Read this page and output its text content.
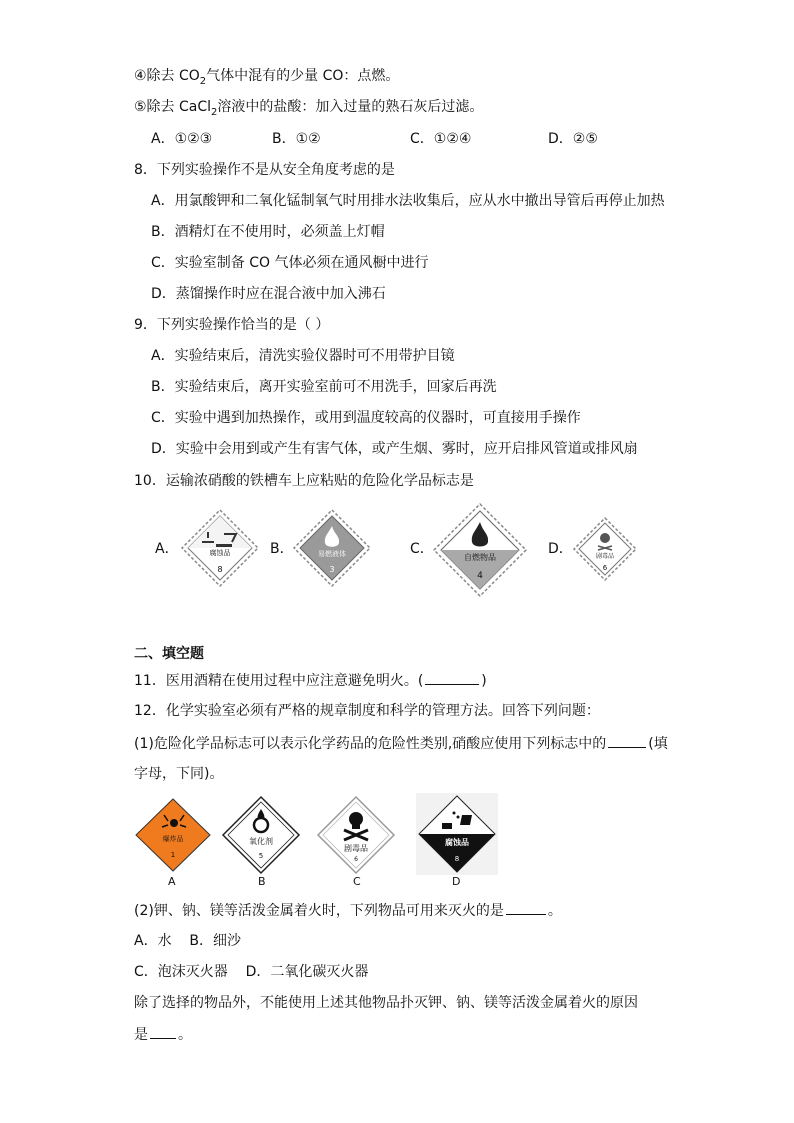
④除去 $CO_2$气体中混有的少量 CO：点燃。
⑤除去 CaCl$_2$溶液中的盐酸：加入过量的熟石灰后过滤。
A．①②③	B．①②	C．①②④	D．②⑤
8．下列实验操作不是从安全角度考虑的是
A．用氯酸钾和二氧化锰制氧气时用排水法收集后，应从水中撤出导管后再停止加热
B．酒精灯在不使用时，必须盖上灯帽
C．实验室制备 CO 气体必须在通风橱中进行
D．蒸馏操作时应在混合液中加入沸石
9．下列实验操作恰当的是（ ）
A．实验结束后，清洗实验仪器时可不用带护目镜
B．实验结束后，离开实验室前可不用洗手，回家后再洗
C．实验中遇到加热操作，或用到温度较高的仪器时，可直接用手操作
D．实验中会用到或产生有害气体，或产生烟、雾时，应开启排风管道或排风扇
10．运输浓硝酸的铁槽车上应粘贴的危险化学品标志是
A．	腐蚀品
8
B．	易燃液体
3
C．
自燃物品
4
D．	剧毒品
6
二、填空题
11．医用酒精在使用过程中应注意避免明火。(	)
12．化学实验室必须有严格的规章制度和科学的管理方法。回答下列问题：
(1)危险化学品标志可以表示化学药品的危险性类别,硝酸应使用下列标志中的	(填
字母，下同)。
爆炸品
1
A
氧化剂
5
B
剧毒品
6
C
腐蚀品
8
D
(2)钾、钠、镁等活泼金属着火时，下列物品可用来灭火的是	。
A．水    B．细沙
C．泡沫灭火器    D．二氧化碳灭火器
除了选择的物品外，不能使用上述其他物品扑灭钾、钠、镁等活泼金属着火的原因
是 。
